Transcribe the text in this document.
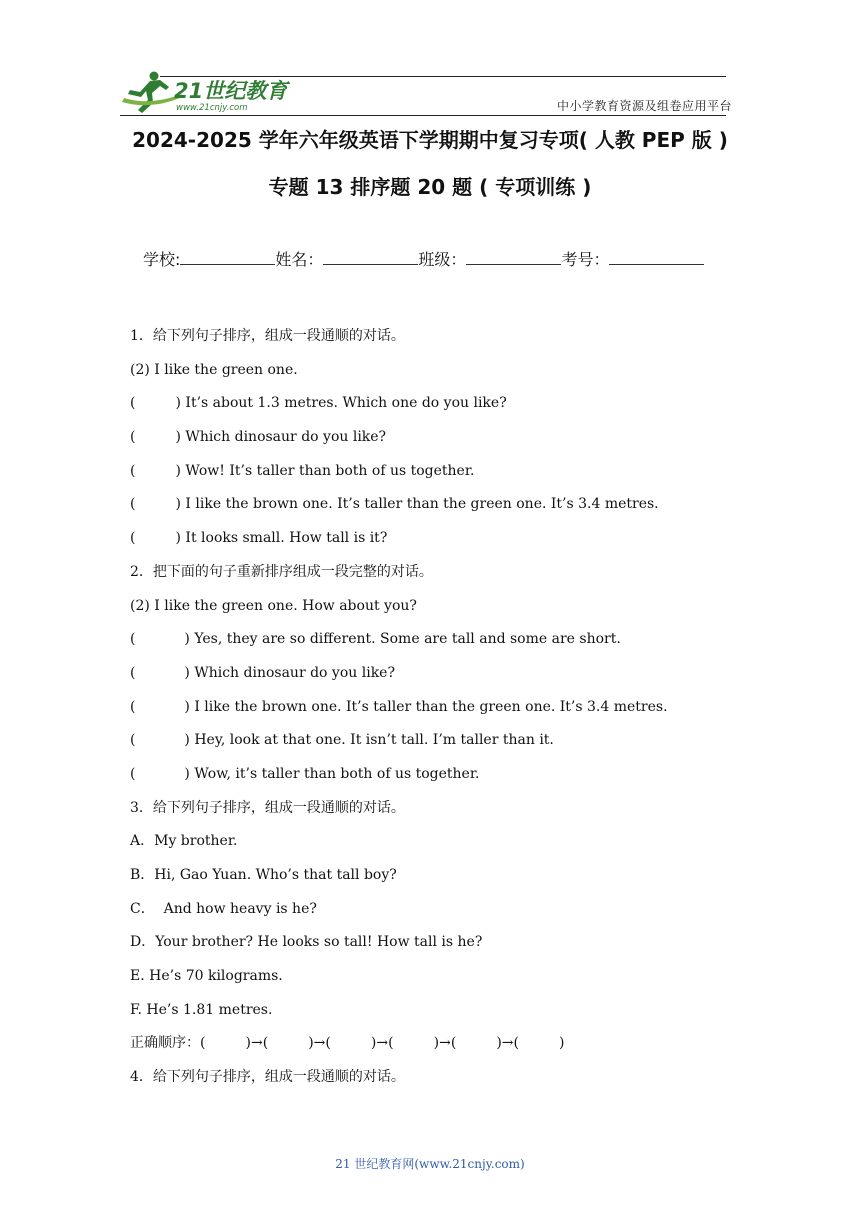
21世纪教育
www.21cnjy.com	中小学教育资源及组卷应用平台
2024-2025 学年六年级英语下学期期中复习专项( 人教 PEP 版 )
专题 13 排序题 20 题 ( 专项训练 )
学校:	姓名：	班级：	考号：
1．给下列句子排序，组成一段通顺的对话。
(2) I like the green one.
(         ) It’s about 1.3 metres. Which one do you like?
(         ) Which dinosaur do you like?
(         ) Wow! It’s taller than both of us together.
(         ) I like the brown one. It’s taller than the green one. It’s 3.4 metres.
(         ) It looks small. How tall is it?
2．把下面的句子重新排序组成一段完整的对话。
(2) I like the green one. How about you?
(           ) Yes, they are so different. Some are tall and some are short.
(           ) Which dinosaur do you like?
(           ) I like the brown one. It’s taller than the green one. It’s 3.4 metres.
(           ) Hey, look at that one. It isn’t tall. I’m taller than it.
(           ) Wow, it’s taller than both of us together.
3．给下列句子排序，组成一段通顺的对话。
A．My brother.
B．Hi, Gao Yuan. Who’s that tall boy?
C．  And how heavy is he?
D．Your brother? He looks so tall! How tall is he?
E. He’s 70 kilograms.
F. He’s 1.81 metres.
正确顺序：(         )→(         )→(         )→(         )→(         )→(         )
4．给下列句子排序，组成一段通顺的对话。
21 世纪教育网(www.21cnjy.com)
